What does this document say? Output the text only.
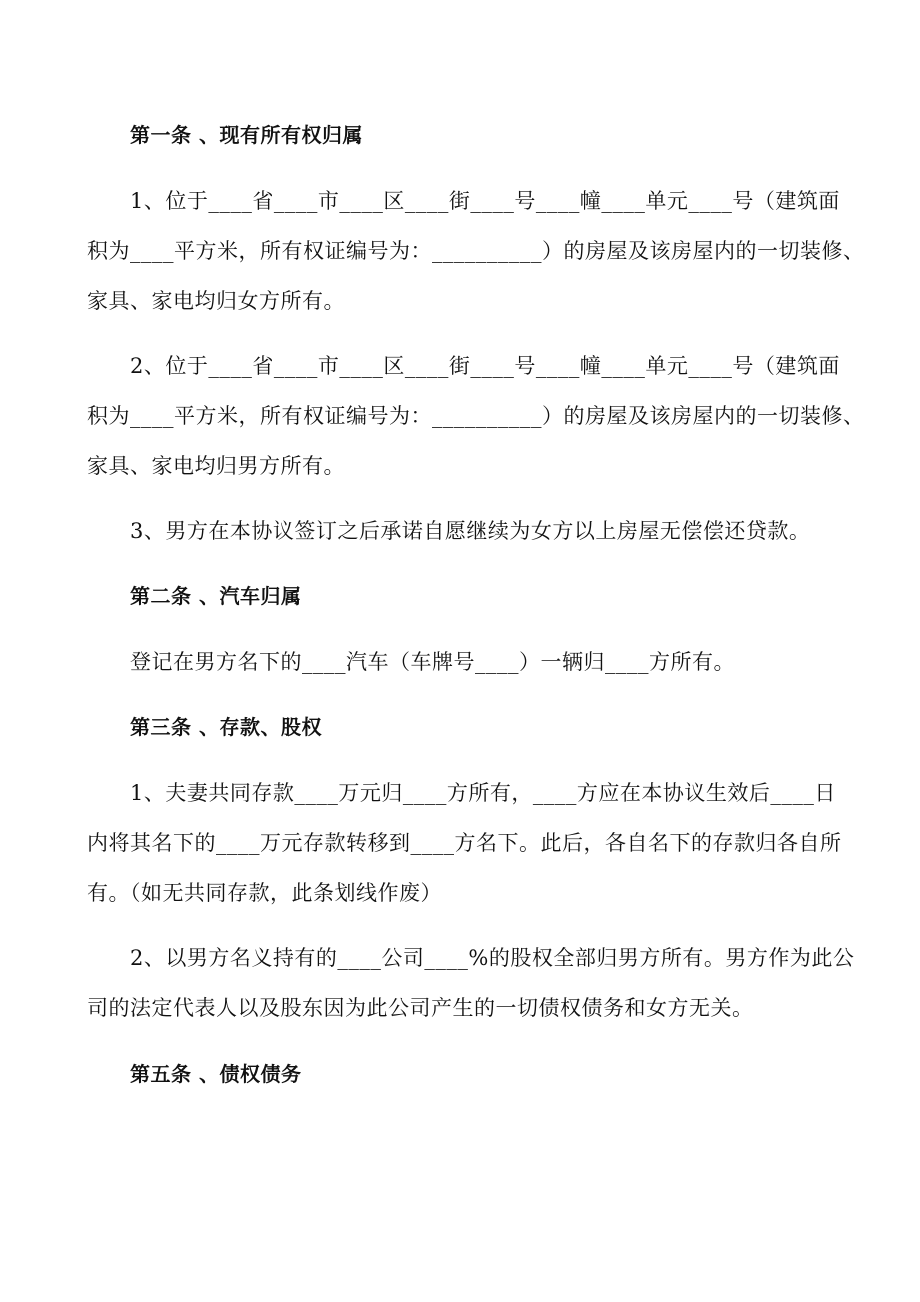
第一条 、现有所有权归属
1、位于____省____市____区____街____号____幢____单元____号（建筑面
积为____平方米，所有权证编号为：__________）的房屋及该房屋内的一切装修、
家具、家电均归女方所有。
2、位于____省____市____区____街____号____幢____单元____号（建筑面
积为____平方米，所有权证编号为：__________）的房屋及该房屋内的一切装修、
家具、家电均归男方所有。
3、男方在本协议签订之后承诺自愿继续为女方以上房屋无偿偿还贷款。
第二条 、汽车归属
登记在男方名下的____汽车（车牌号____）一辆归____方所有。
第三条 、存款、股权
1、夫妻共同存款____万元归____方所有，____方应在本协议生效后____日
内将其名下的____万元存款转移到____方名下。此后，各自名下的存款归各自所
有。（如无共同存款，此条划线作废）
2、以男方名义持有的____公司____%的股权全部归男方所有。男方作为此公
司的法定代表人以及股东因为此公司产生的一切债权债务和女方无关。
第五条 、债权债务
